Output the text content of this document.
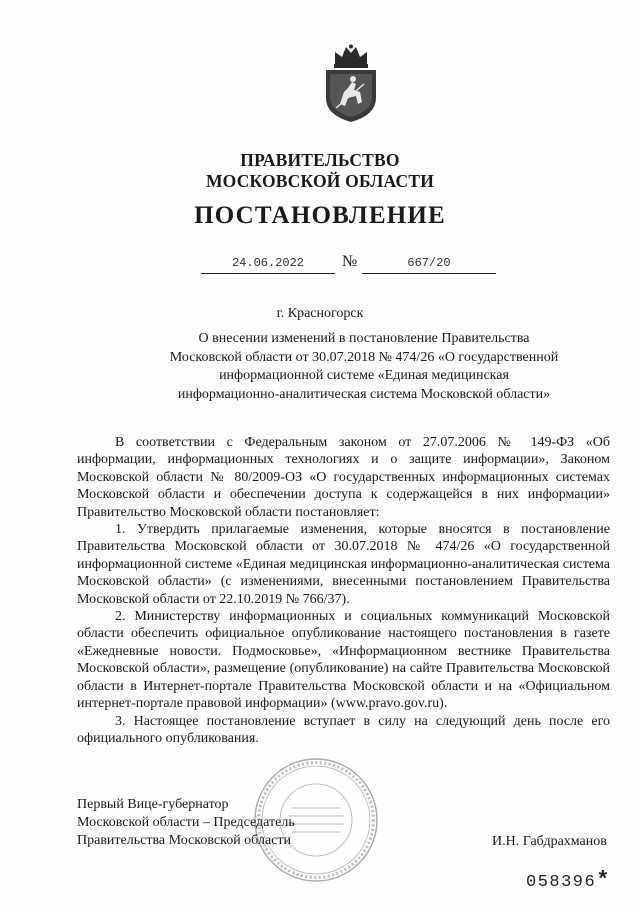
ПРАВИТЕЛЬСТВО
МОСКОВСКОЙ ОБЛАСТИ
ПОСТАНОВЛЕНИЕ
24.06.2022	№	667/20
г. Красногорск
О внесении изменений в постановление Правительства
Московской области от 30.07.2018 № 474/26 «О государственной
информационной системе «Единая медицинская
информационно-аналитическая система Московской области»

В соответствии с Федеральным законом от 27.07.2006 № 149-ФЗ «Об информации, информационных технологиях и о защите информации», Законом Московской области № 80/2009-ОЗ «О государственных информационных системах Московской области и обеспечении доступа к содержащейся в них информации» Правительство Московской области постановляет:

1. Утвердить прилагаемые изменения, которые вносятся в постановление Правительства Московской области от 30.07.2018 № 474/26 «О государственной информационной системе «Единая медицинская информационно-аналитическая система Московской области» (с изменениями, внесенными постановлением Правительства Московской области от 22.10.2019 № 766/37).

2. Министерству информационных и социальных коммуникаций Московской области обеспечить официальное опубликование настоящего постановления в газете «Ежедневные новости. Подмосковье», «Информационном вестнике Правительства Московской области», размещение (опубликование) на сайте Правительства Московской области в Интернет-портале Правительства Московской области и на «Официальном интернет-портале правовой информации» (www.pravo.gov.ru).

3. Настоящее постановление вступает в силу на следующий день после его официального опубликования.

Первый Вице-губернатор
Московской области – Председатель
Правительства Московской области	И.Н. Габдрахманов
058396*
